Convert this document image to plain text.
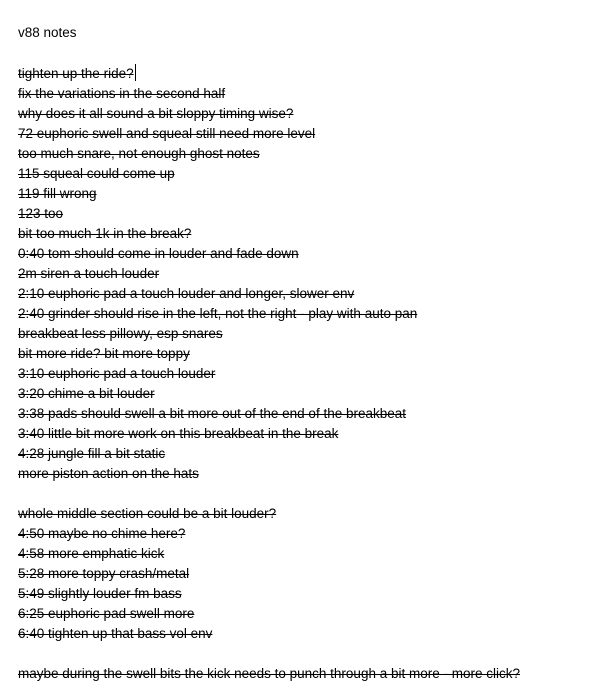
v88 notes
tighten up the ride?
fix the variations in the second half
why does it all sound a bit sloppy timing wise?
72 euphoric swell and squeal still need more level
too much snare, not enough ghost notes
115 squeal could come up
119 fill wrong
123 too
bit too much 1k in the break?
0:40 tom should come in louder and fade down
2m siren a touch louder
2:10 euphoric pad a touch louder and longer, slower env
2:40 grinder should rise in the left, not the right - play with auto pan
breakbeat less pillowy, esp snares
bit more ride? bit more toppy
3:10 euphoric pad a touch louder
3:20 chime a bit louder
3:38 pads should swell a bit more out of the end of the breakbeat
3:40 little bit more work on this breakbeat in the break
4:28 jungle fill a bit static
more piston action on the hats
whole middle section could be a bit louder?
4:50 maybe no chime here?
4:58 more emphatic kick
5:28 more toppy crash/metal
5:49 slightly louder fm bass
6:25 euphoric pad swell more
6:40 tighten up that bass vol env
maybe during the swell bits the kick needs to punch through a bit more - more click?
